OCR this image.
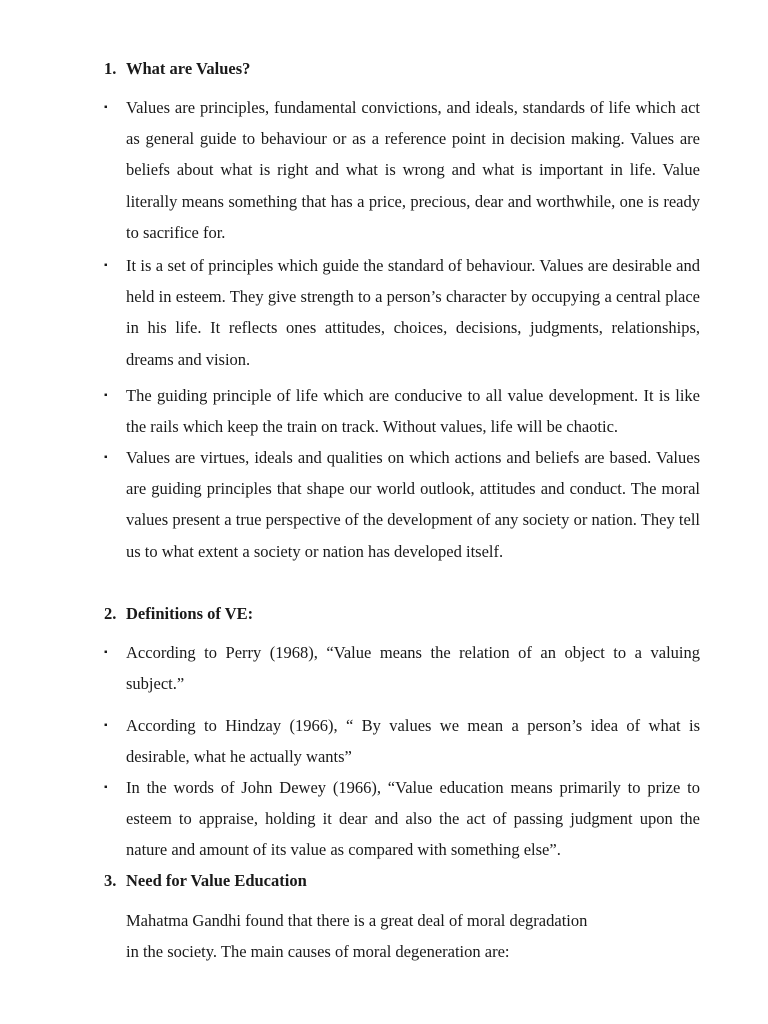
1. What are Values?
▪ Values are principles, fundamental convictions, and ideals, standards of life which act as general guide to behaviour or as a reference point in decision making. Values are beliefs about what is right and what is wrong and what is important in life. Value literally means something that has a price, precious, dear and worthwhile, one is ready to sacrifice for.
▪ It is a set of principles which guide the standard of behaviour. Values are desirable and held in esteem. They give strength to a person’s character by occupying a central place in his life. It reflects ones attitudes, choices, decisions, judgments, relationships, dreams and vision.
▪ The guiding principle of life which are conducive to all value development. It is like the rails which keep the train on track. Without values, life will be chaotic.
▪ Values are virtues, ideals and qualities on which actions and beliefs are based. Values are guiding principles that shape our world outlook, attitudes and conduct. The moral values present a true perspective of the development of any society or nation. They tell us to what extent a society or nation has developed itself.
2. Definitions of VE:
▪ According to Perry (1968), “Value means the relation of an object to a valuing subject.”
▪ According to Hindzay (1966), “ By values we mean a person’s idea of what is desirable, what he actually wants”
▪ In the words of John Dewey (1966), “Value education means primarily to prize to esteem to appraise, holding it dear and also the act of passing judgment upon the nature and amount of its value as compared with something else”.
3. Need for Value Education
Mahatma Gandhi found that there is a great deal of moral degradation
in the society. The main causes of moral degeneration are:
